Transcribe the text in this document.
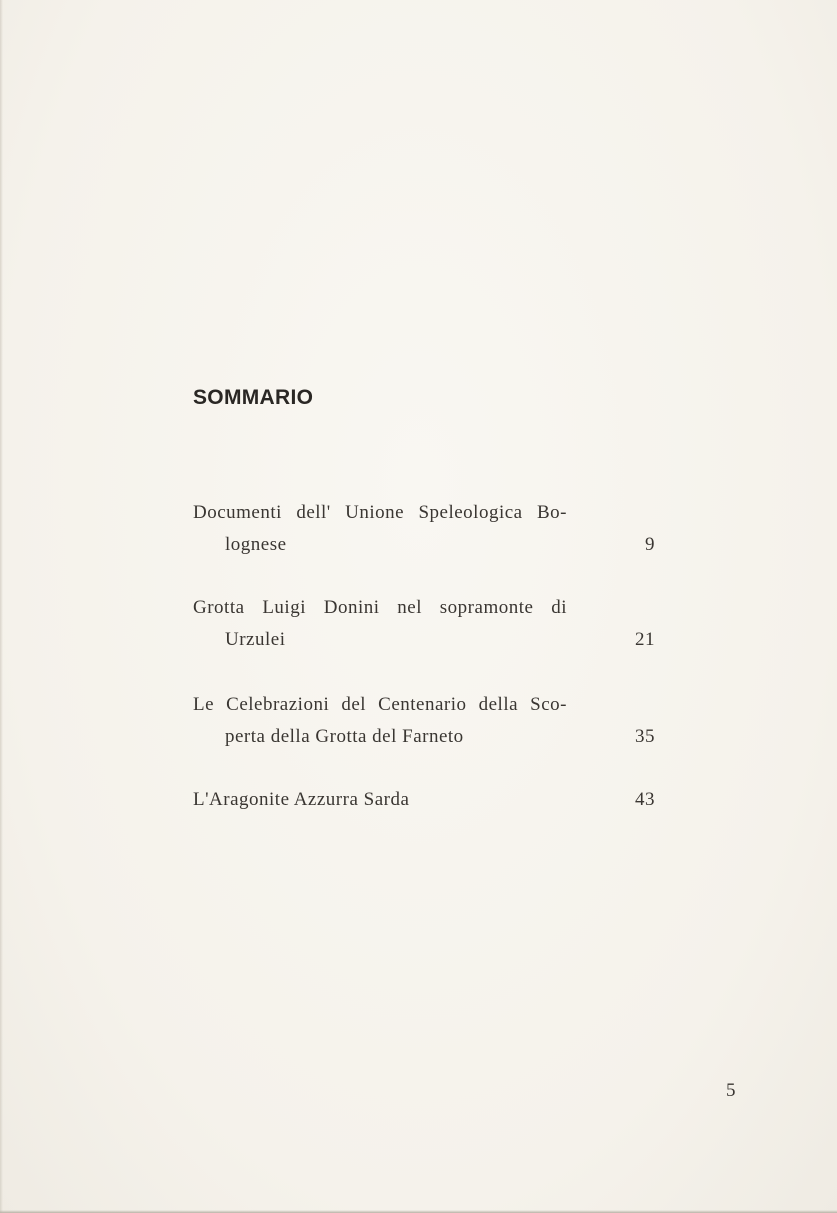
SOMMARIO
Documenti dell' Unione Speleologica Bo-
lognese	9
Grotta Luigi Donini nel sopramonte di
Urzulei	21
Le Celebrazioni del Centenario della Sco-
perta della Grotta del Farneto	35
L'Aragonite Azzurra Sarda	43
5
